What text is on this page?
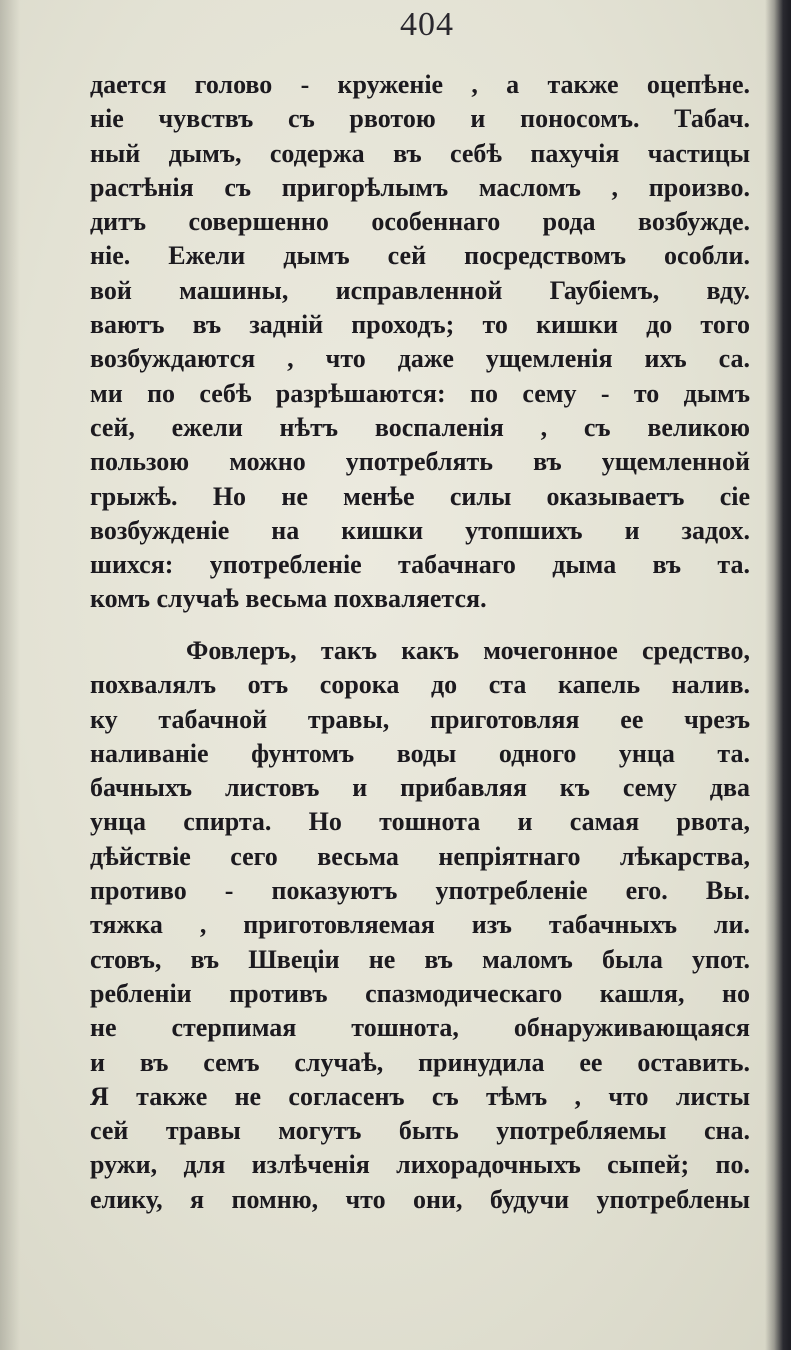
404
дается голово - круженіе , а также оцепѣне.
ніе чувствъ съ рвотою и поносомъ. Табач.
ный дымъ, содержа въ себѣ пахучія частицы
растѣнія съ пригорѣлымъ масломъ , произво.
дитъ совершенно особеннаго рода возбужде.
ніе. Ежели дымъ сей посредствомъ особли.
вой машины, исправленной Гаубіемъ, вду.
ваютъ въ задній проходъ; то кишки до того
возбуждаются , что даже ущемленія ихъ са.
ми по себѣ разрѣшаются: по сему - то дымъ
сей, ежели нѣтъ воспаленія , съ великою
пользою можно употреблять въ ущемленной
грыжѣ. Но не менѣе силы оказываетъ сіе
возбужденіе на кишки утопшихъ и задох.
шихся: употребленіе табачнаго дыма въ та.
комъ случаѣ весьма похваляется.
Фовлеръ, такъ какъ мочегонное средство,
похвалялъ отъ сорока до ста капель налив.
ку табачной травы, приготовляя ее чрезъ
наливаніе фунтомъ воды одного унца та.
бачныхъ листовъ и прибавляя къ сему два
унца спирта. Но тошнота и самая рвота,
дѣйствіе сего весьма непріятнаго лѣкарства,
противо - показуютъ употребленіе его. Вы.
тяжка , приготовляемая изъ табачныхъ ли.
стовъ, въ Швеціи не въ маломъ была упот.
ребленіи противъ спазмодическаго кашля, но
не стерпимая тошнота, обнаруживающаяся
и въ семъ случаѣ, принудила ее оставить.
Я также не согласенъ съ тѣмъ , что листы
сей травы могутъ быть употребляемы сна.
ружи, для излѣченія лихорадочныхъ сыпей; по.
елику, я помню, что они, будучи употреблены
